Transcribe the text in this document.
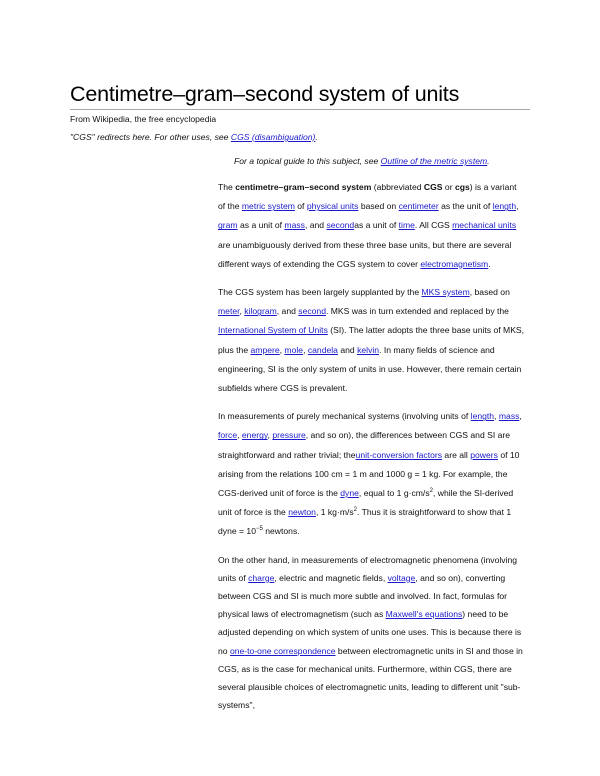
Centimetre–gram–second system of units
From Wikipedia, the free encyclopedia
"CGS" redirects here. For other uses, see CGS (disambiguation).
For a topical guide to this subject, see Outline of the metric system.

The centimetre–gram–second system (abbreviated CGS or cgs) is a variant of the metric system of physical units based on centimeter as the unit of length, gram as a unit of mass, and secondas a unit of time. All CGS mechanical units are unambiguously derived from these three base units, but there are several different ways of extending the CGS system to cover electromagnetism.

The CGS system has been largely supplanted by the MKS system, based on meter, kilogram, and second. MKS was in turn extended and replaced by the International System of Units (SI). The latter adopts the three base units of MKS, plus the ampere, mole, candela and kelvin. In many fields of science and engineering, SI is the only system of units in use. However, there remain certain subfields where CGS is prevalent.

In measurements of purely mechanical systems (involving units of length, mass, force, energy, pressure, and so on), the differences between CGS and SI are straightforward and rather trivial; theunit-conversion factors are all powers of 10 arising from the relations 100 cm = 1 m and 1000 g = 1 kg. For example, the CGS-derived unit of force is the dyne, equal to 1 $g\cdot cm/s^2$, while the SI-derived unit of force is the newton, 1 $kg\cdot m/s^2$. Thus it is straightforward to show that 1 dyne = $10^{-5}$ newtons.

On the other hand, in measurements of electromagnetic phenomena (involving units of charge, electric and magnetic fields, voltage, and so on), converting between CGS and SI is much more subtle and involved. In fact, formulas for physical laws of electromagnetism (such as Maxwell's equations) need to be adjusted depending on which system of units one uses. This is because there is no one-to-one correspondence between electromagnetic units in SI and those in CGS, as is the case for mechanical units. Furthermore, within CGS, there are several plausible choices of electromagnetic units, leading to different unit "sub-systems",
